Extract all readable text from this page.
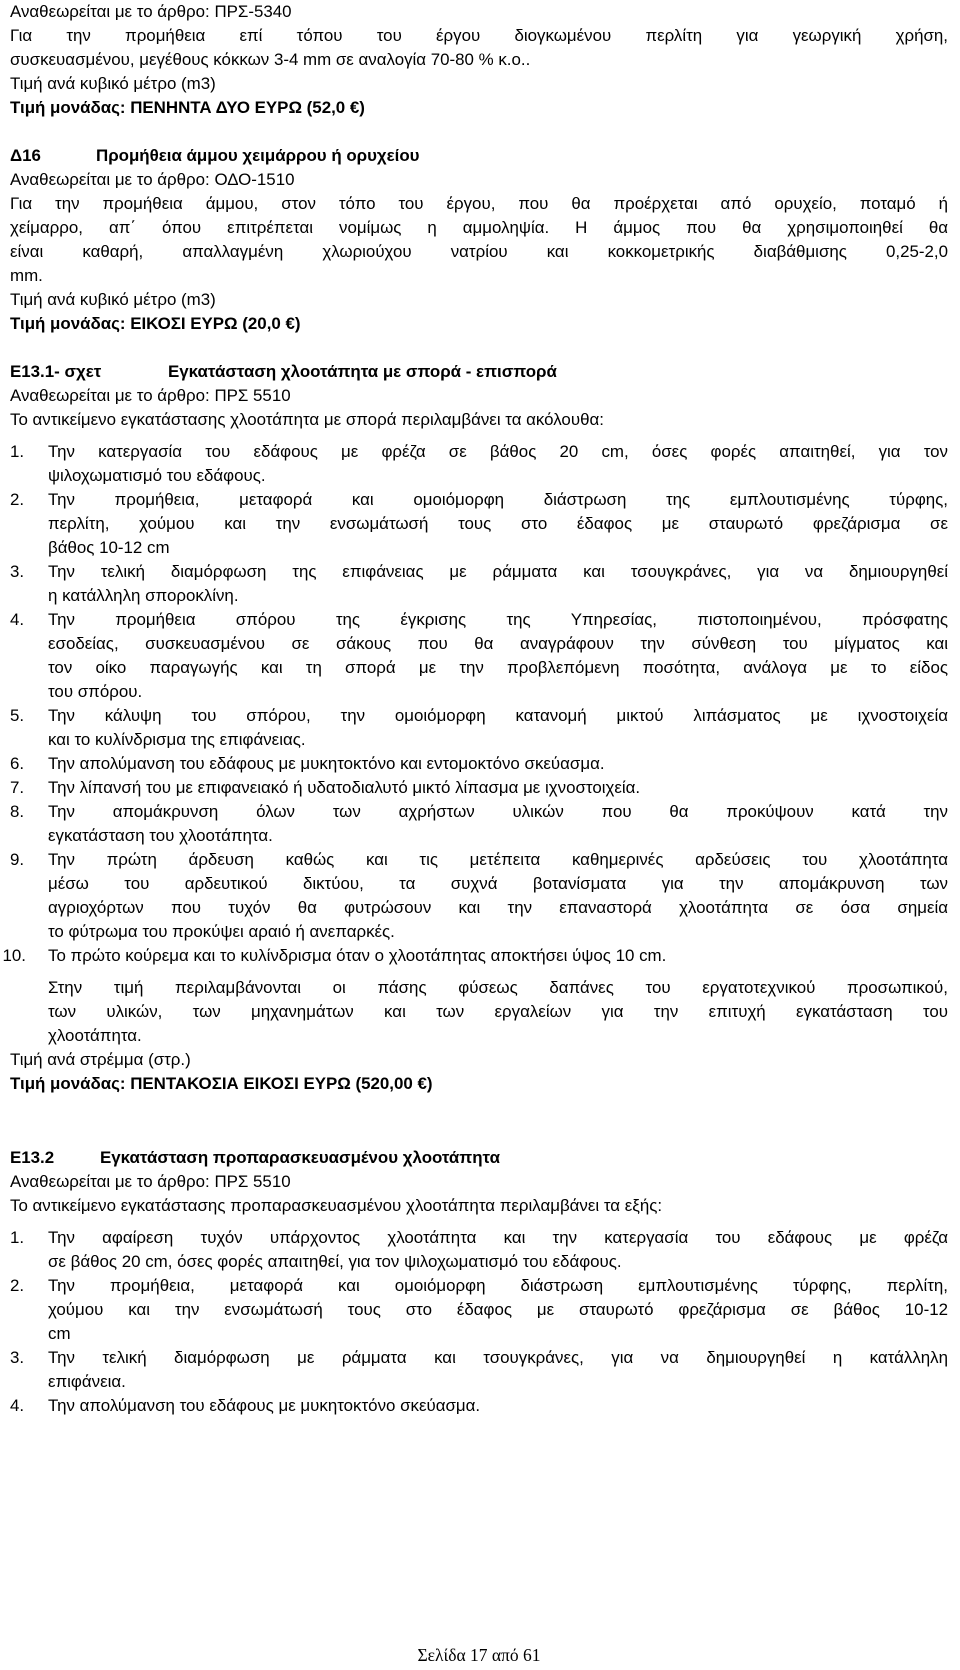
Αναθεωρείται με το άρθρο: ΠΡΣ-5340
Για την προμήθεια επί τόπου του έργου διογκωμένου περλίτη για γεωργική χρήση,
συσκευασμένου, μεγέθους κόκκων 3-4 mm σε αναλογία 70-80 % κ.ο..
Τιμή ανά κυβικό μέτρο (m3)
Τιμή μονάδας: ΠΕΝΗΝΤΑ ΔΥΟ ΕΥΡΩ (52,0 €)
Δ16	Προμήθεια άμμου χειμάρρου ή ορυχείου
Αναθεωρείται με το άρθρο: ΟΔΟ-1510
Για την προμήθεια άμμου, στον τόπο του έργου, που θα προέρχεται από ορυχείο, ποταμό ή
χείμαρρο, απ΄ όπου επιτρέπεται νομίμως η αμμοληψία. Η άμμος που θα χρησιμοποιηθεί θα
είναι καθαρή, απαλλαγμένη χλωριούχου νατρίου και κοκκομετρικής διαβάθμισης 0,25-2,0
mm.
Τιμή ανά κυβικό μέτρο (m3)
Τιμή μονάδας: ΕΙΚΟΣΙ ΕΥΡΩ (20,0 €)
Ε13.1- σχετ	Εγκατάσταση χλοοτάπητα με σπορά - επισπορά
Αναθεωρείται με το άρθρο: ΠΡΣ 5510
Το αντικείμενο εγκατάστασης χλοοτάπητα με σπορά περιλαμβάνει τα ακόλουθα:
1.	Την κατεργασία του εδάφους με φρέζα σε βάθος 20 cm, όσες φορές απαιτηθεί, για τον
ψιλοχωματισμό του εδάφους.
2.	Την προμήθεια, μεταφορά και ομοιόμορφη διάστρωση της εμπλουτισμένης τύρφης,
περλίτη, χούμου και την ενσωμάτωσή τους στο έδαφος με σταυρωτό φρεζάρισμα σε
βάθος 10-12 cm
3.	Την τελική διαμόρφωση της επιφάνειας με ράμματα και τσουγκράνες, για να δημιουργηθεί
η κατάλληλη σποροκλίνη.
4.	Την προμήθεια σπόρου της έγκρισης της Υπηρεσίας, πιστοποιημένου, πρόσφατης
εσοδείας, συσκευασμένου σε σάκους που θα αναγράφουν την σύνθεση του μίγματος και
τον οίκο παραγωγής και τη σπορά με την προβλεπόμενη ποσότητα, ανάλογα με το είδος
του σπόρου.
5.	Την κάλυψη του σπόρου, την ομοιόμορφη κατανομή μικτού λιπάσματος με ιχνοστοιχεία
και το κυλίνδρισμα της επιφάνειας.
6.	Την απολύμανση του εδάφους με μυκητοκτόνο και εντομοκτόνο σκεύασμα.
7.	Την λίπανσή του με επιφανειακό ή υδατοδιαλυτό μικτό λίπασμα με ιχνοστοιχεία.
8.	Την απομάκρυνση όλων των αχρήστων υλικών που θα προκύψουν κατά την
εγκατάσταση του χλοοτάπητα.
9.	Την πρώτη άρδευση καθώς και τις μετέπειτα καθημερινές αρδεύσεις του χλοοτάπητα
μέσω του αρδευτικού δικτύου, τα συχνά βοτανίσματα για την απομάκρυνση των
αγριοχόρτων που τυχόν θα φυτρώσουν και την επαναστορά χλοοτάπητα σε όσα σημεία
το φύτρωμα του προκύψει αραιό ή ανεπαρκές.
10. Το πρώτο κούρεμα και το κυλίνδρισμα όταν ο χλοοτάπητας αποκτήσει ύψος 10 cm.
Στην τιμή περιλαμβάνονται οι πάσης φύσεως δαπάνες του εργατοτεχνικού προσωπικού,
των υλικών, των μηχανημάτων και των εργαλείων για την επιτυχή εγκατάσταση του
χλοοτάπητα.
Τιμή ανά στρέμμα (στρ.)
Τιμή μονάδας: ΠΕΝΤΑΚΟΣΙΑ ΕΙΚΟΣΙ ΕΥΡΩ (520,00 €)
Ε13.2	Εγκατάσταση προπαρασκευασμένου χλοοτάπητα
Αναθεωρείται με το άρθρο: ΠΡΣ 5510
Το αντικείμενο εγκατάστασης προπαρασκευασμένου χλοοτάπητα περιλαμβάνει τα εξής:
1.	Την αφαίρεση τυχόν υπάρχοντος χλοοτάπητα και την κατεργασία του εδάφους με φρέζα
σε βάθος 20 cm, όσες φορές απαιτηθεί, για τον ψιλοχωματισμό του εδάφους.
2.	Την προμήθεια, μεταφορά και ομοιόμορφη διάστρωση εμπλουτισμένης τύρφης, περλίτη,
χούμου και την ενσωμάτωσή τους στο έδαφος με σταυρωτό φρεζάρισμα σε βάθος 10-12
cm
3.	Την τελική διαμόρφωση με ράμματα και τσουγκράνες, για να δημιουργηθεί η κατάλληλη
επιφάνεια.
4.	Την απολύμανση του εδάφους με μυκητοκτόνο σκεύασμα.
Σελίδα 17 από 61
